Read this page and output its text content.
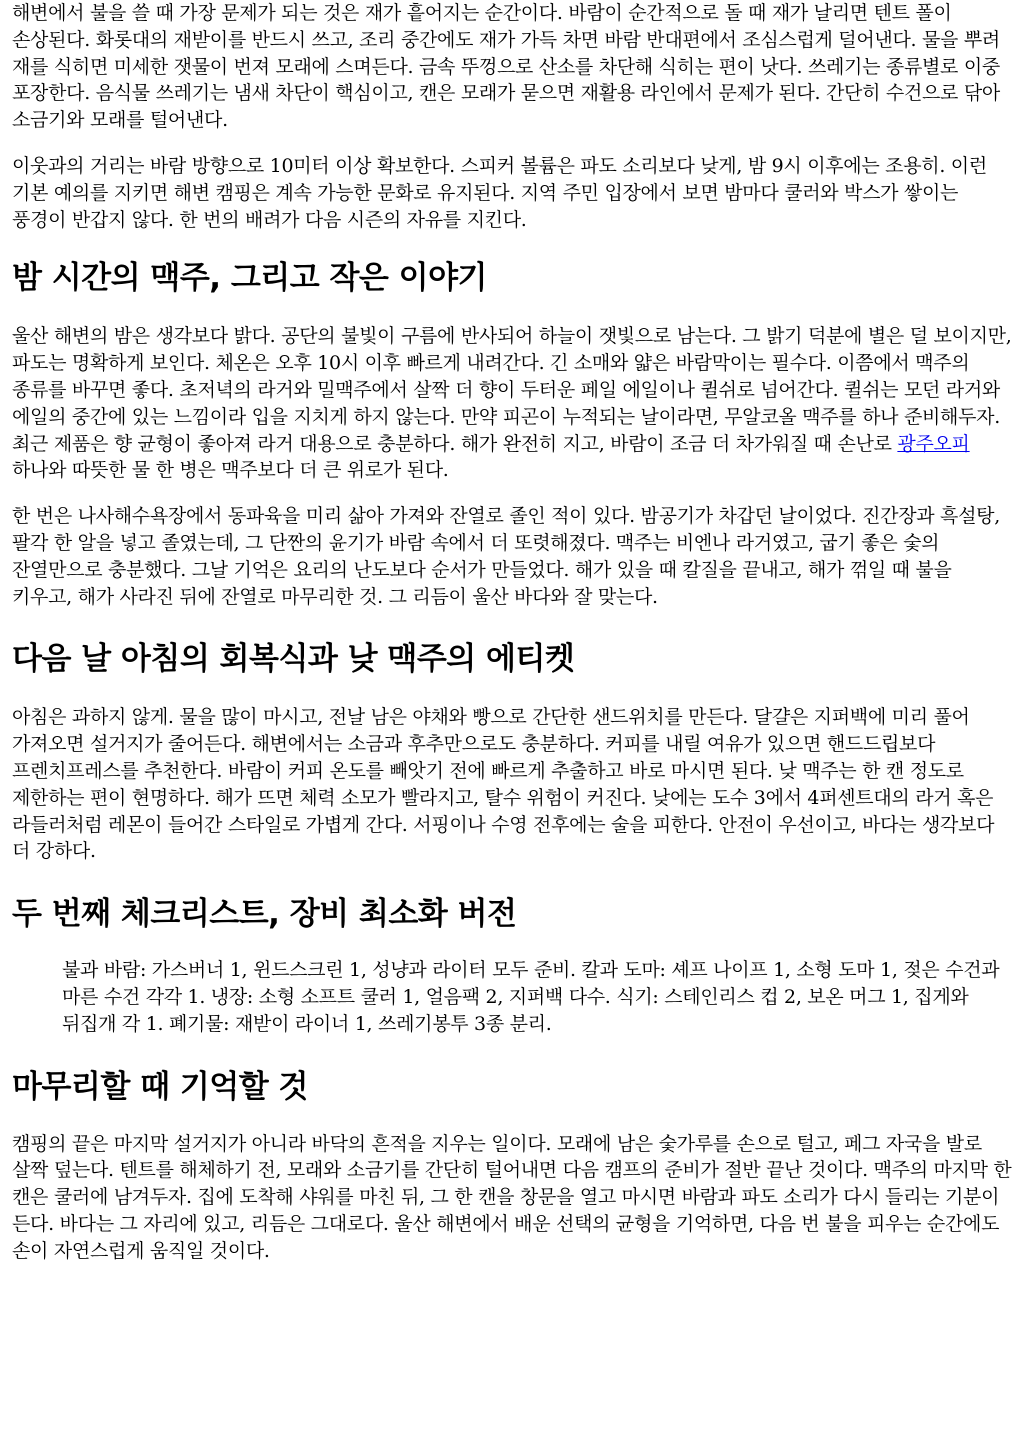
해변에서 불을 쓸 때 가장 문제가 되는 것은 재가 흩어지는 순간이다. 바람이 순간적으로 돌 때 재가 날리면 텐트 폴이 손상된다. 화롯대의 재받이를 반드시 쓰고, 조리 중간에도 재가 가득 차면 바람 반대편에서 조심스럽게 덜어낸다. 물을 뿌려 재를 식히면 미세한 잿물이 번져 모래에 스며든다. 금속 뚜껑으로 산소를 차단해 식히는 편이 낫다. 쓰레기는 종류별로 이중 포장한다. 음식물 쓰레기는 냄새 차단이 핵심이고, 캔은 모래가 묻으면 재활용 라인에서 문제가 된다. 간단히 수건으로 닦아 소금기와 모래를 털어낸다.

이웃과의 거리는 바람 방향으로 10미터 이상 확보한다. 스피커 볼륨은 파도 소리보다 낮게, 밤 9시 이후에는 조용히. 이런 기본 예의를 지키면 해변 캠핑은 계속 가능한 문화로 유지된다. 지역 주민 입장에서 보면 밤마다 쿨러와 박스가 쌓이는 풍경이 반갑지 않다. 한 번의 배려가 다음 시즌의 자유를 지킨다.

밤 시간의 맥주, 그리고 작은 이야기

울산 해변의 밤은 생각보다 밝다. 공단의 불빛이 구름에 반사되어 하늘이 잿빛으로 남는다. 그 밝기 덕분에 별은 덜 보이지만, 파도는 명확하게 보인다. 체온은 오후 10시 이후 빠르게 내려간다. 긴 소매와 얇은 바람막이는 필수다. 이쯤에서 맥주의 종류를 바꾸면 좋다. 초저녁의 라거와 밀맥주에서 살짝 더 향이 두터운 페일 에일이나 퀼쉬로 넘어간다. 퀼쉬는 모던 라거와 에일의 중간에 있는 느낌이라 입을 지치게 하지 않는다. 만약 피곤이 누적되는 날이라면, 무알코올 맥주를 하나 준비해두자. 최근 제품은 향 균형이 좋아져 라거 대용으로 충분하다. 해가 완전히 지고, 바람이 조금 더 차가워질 때 손난로 광주오피 하나와 따뜻한 물 한 병은 맥주보다 더 큰 위로가 된다.

한 번은 나사해수욕장에서 동파육을 미리 삶아 가져와 잔열로 졸인 적이 있다. 밤공기가 차갑던 날이었다. 진간장과 흑설탕, 팔각 한 알을 넣고 졸였는데, 그 단짠의 윤기가 바람 속에서 더 또렷해졌다. 맥주는 비엔나 라거였고, 굽기 좋은 숯의 잔열만으로 충분했다. 그날 기억은 요리의 난도보다 순서가 만들었다. 해가 있을 때 칼질을 끝내고, 해가 꺾일 때 불을 키우고, 해가 사라진 뒤에 잔열로 마무리한 것. 그 리듬이 울산 바다와 잘 맞는다.

다음 날 아침의 회복식과 낮 맥주의 에티켓

아침은 과하지 않게. 물을 많이 마시고, 전날 남은 야채와 빵으로 간단한 샌드위치를 만든다. 달걀은 지퍼백에 미리 풀어 가져오면 설거지가 줄어든다. 해변에서는 소금과 후추만으로도 충분하다. 커피를 내릴 여유가 있으면 핸드드립보다 프렌치프레스를 추천한다. 바람이 커피 온도를 빼앗기 전에 빠르게 추출하고 바로 마시면 된다. 낮 맥주는 한 캔 정도로 제한하는 편이 현명하다. 해가 뜨면 체력 소모가 빨라지고, 탈수 위험이 커진다. 낮에는 도수 3에서 4퍼센트대의 라거 혹은 라들러처럼 레몬이 들어간 스타일로 가볍게 간다. 서핑이나 수영 전후에는 술을 피한다. 안전이 우선이고, 바다는 생각보다 더 강하다.

두 번째 체크리스트, 장비 최소화 버전

불과 바람: 가스버너 1, 윈드스크린 1, 성냥과 라이터 모두 준비. 칼과 도마: 셰프 나이프 1, 소형 도마 1, 젖은 수건과 마른 수건 각각 1. 냉장: 소형 소프트 쿨러 1, 얼음팩 2, 지퍼백 다수. 식기: 스테인리스 컵 2, 보온 머그 1, 집게와 뒤집개 각 1. 폐기물: 재받이 라이너 1, 쓰레기봉투 3종 분리.

마무리할 때 기억할 것

캠핑의 끝은 마지막 설거지가 아니라 바닥의 흔적을 지우는 일이다. 모래에 남은 숯가루를 손으로 털고, 페그 자국을 발로 살짝 덮는다. 텐트를 해체하기 전, 모래와 소금기를 간단히 털어내면 다음 캠프의 준비가 절반 끝난 것이다. 맥주의 마지막 한 캔은 쿨러에 남겨두자. 집에 도착해 샤워를 마친 뒤, 그 한 캔을 창문을 열고 마시면 바람과 파도 소리가 다시 들리는 기분이 든다. 바다는 그 자리에 있고, 리듬은 그대로다. 울산 해변에서 배운 선택의 균형을 기억하면, 다음 번 불을 피우는 순간에도 손이 자연스럽게 움직일 것이다.
